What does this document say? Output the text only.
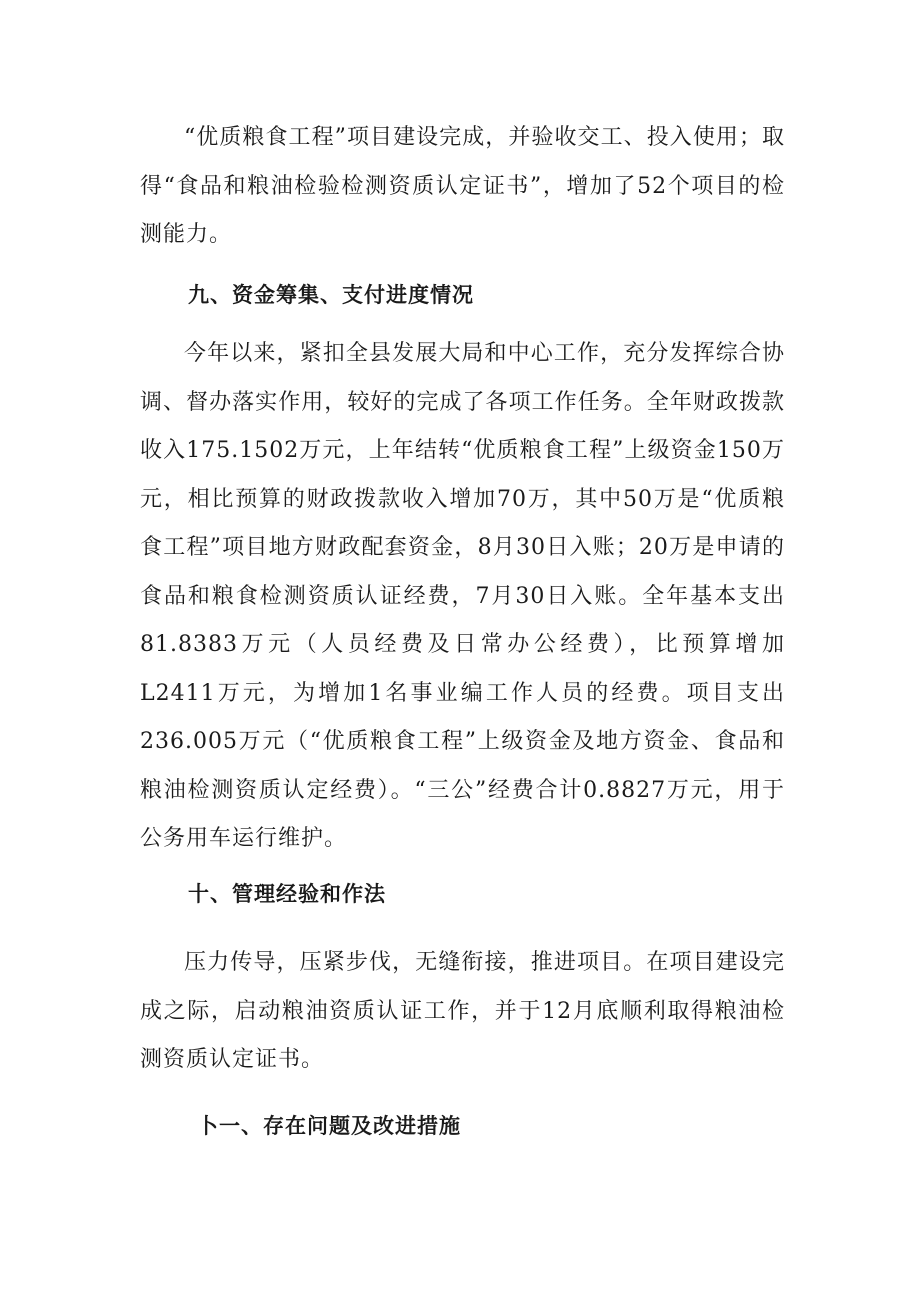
“优质粮食工程”项目建设完成，并验收交工、投入使用；取得“食品和粮油检验检测资质认定证书”，增加了52个项目的检测能力。

九、资金筹集、支付进度情况

今年以来，紧扣全县发展大局和中心工作，充分发挥综合协调、督办落实作用，较好的完成了各项工作任务。全年财政拨款收入175.1502万元，上年结转“优质粮食工程”上级资金150万元，相比预算的财政拨款收入增加70万，其中50万是“优质粮食工程”项目地方财政配套资金，8月30日入账；20万是申请的食品和粮食检测资质认证经费，7月30日入账。全年基本支出81.8383万元（人员经费及日常办公经费），比预算增加L2411万元，为增加1名事业编工作人员的经费。项目支出236.005万元（“优质粮食工程”上级资金及地方资金、食品和粮油检测资质认定经费）。“三公”经费合计0.8827万元，用于公务用车运行维护。

十、管理经验和作法

压力传导，压紧步伐，无缝衔接，推进项目。在项目建设完成之际，启动粮油资质认证工作，并于12月底顺利取得粮油检测资质认定证书。

卜一、存在问题及改进措施
